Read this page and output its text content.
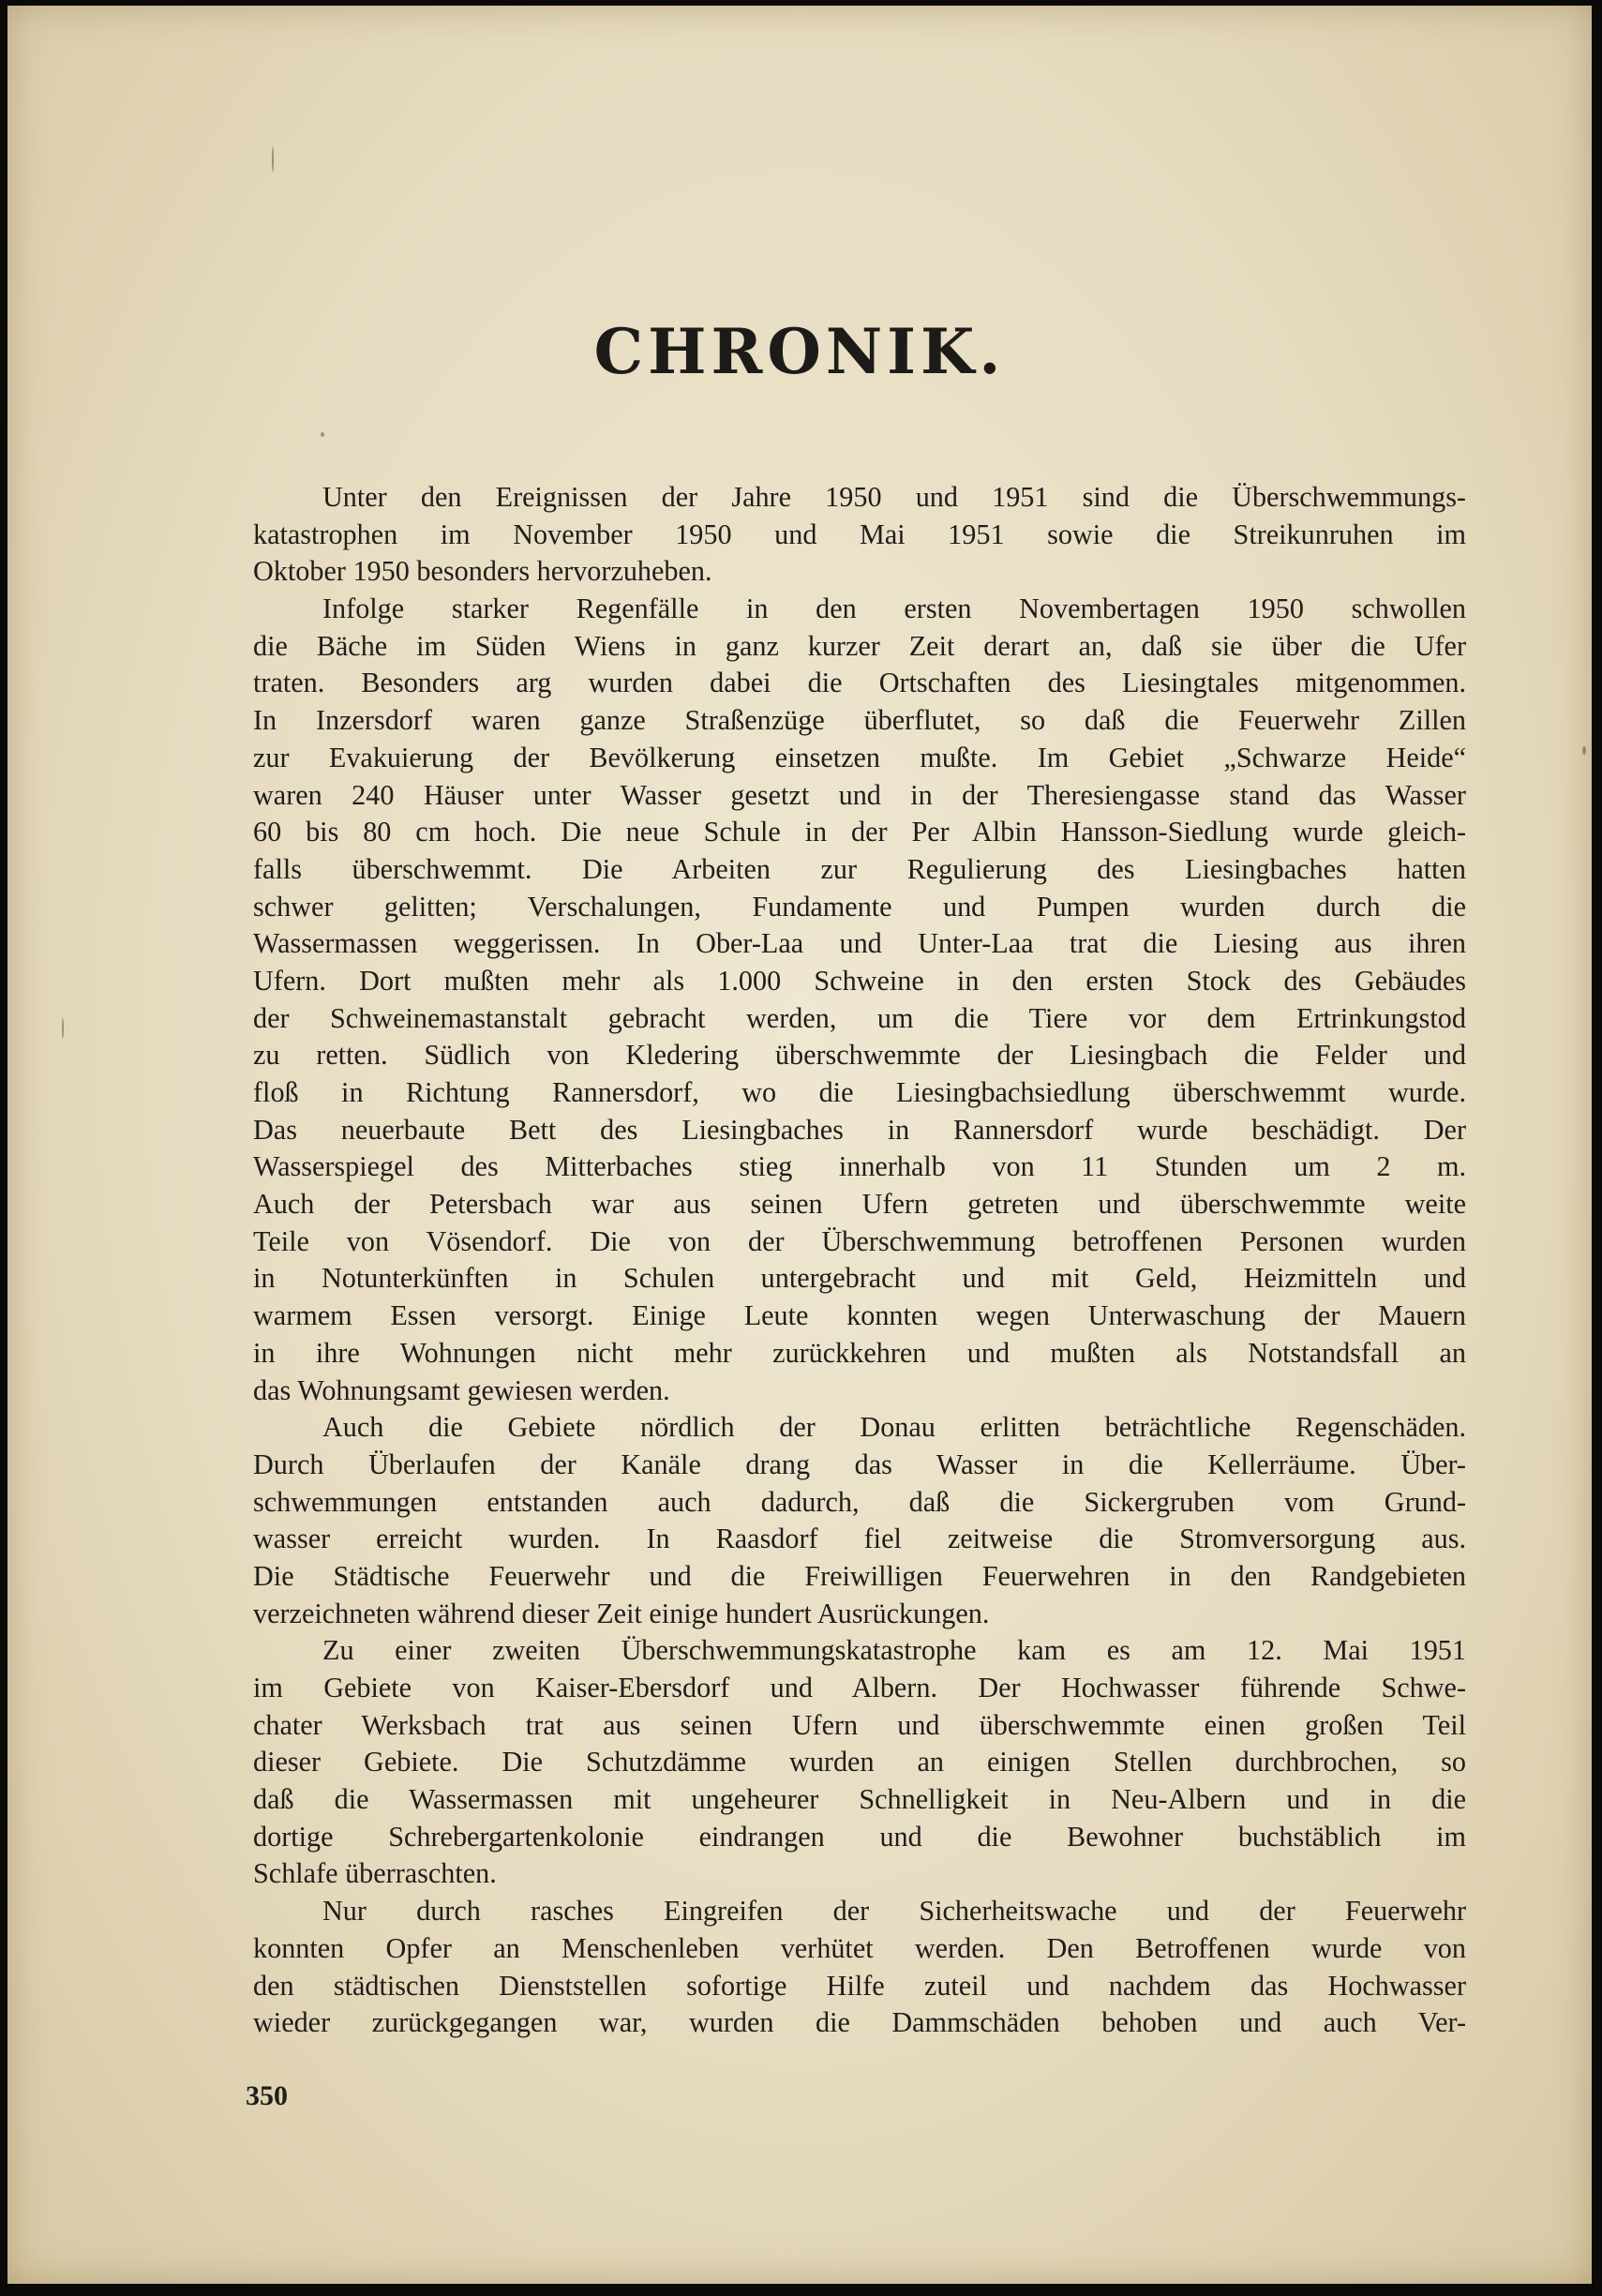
CHRONIK.
Unter den Ereignissen der Jahre 1950 und 1951 sind die Überschwemmungs-
katastrophen im November 1950 und Mai 1951 sowie die Streikunruhen im
Oktober 1950 besonders hervorzuheben.
Infolge starker Regenfälle in den ersten Novembertagen 1950 schwollen
die Bäche im Süden Wiens in ganz kurzer Zeit derart an, daß sie über die Ufer
traten. Besonders arg wurden dabei die Ortschaften des Liesingtales mitgenommen.
In Inzersdorf waren ganze Straßenzüge überflutet, so daß die Feuerwehr Zillen
zur Evakuierung der Bevölkerung einsetzen mußte. Im Gebiet „Schwarze Heide“
waren 240 Häuser unter Wasser gesetzt und in der Theresiengasse stand das Wasser
60 bis 80 cm hoch. Die neue Schule in der Per Albin Hansson-Siedlung wurde gleich-
falls überschwemmt. Die Arbeiten zur Regulierung des Liesingbaches hatten
schwer gelitten; Verschalungen, Fundamente und Pumpen wurden durch die
Wassermassen weggerissen. In Ober-Laa und Unter-Laa trat die Liesing aus ihren
Ufern. Dort mußten mehr als 1.000 Schweine in den ersten Stock des Gebäudes
der Schweinemastanstalt gebracht werden, um die Tiere vor dem Ertrinkungstod
zu retten. Südlich von Kledering überschwemmte der Liesingbach die Felder und
floß in Richtung Rannersdorf, wo die Liesingbachsiedlung überschwemmt wurde.
Das neuerbaute Bett des Liesingbaches in Rannersdorf wurde beschädigt. Der
Wasserspiegel des Mitterbaches stieg innerhalb von 11 Stunden um 2 m.
Auch der Petersbach war aus seinen Ufern getreten und überschwemmte weite
Teile von Vösendorf. Die von der Überschwemmung betroffenen Personen wurden
in Notunterkünften in Schulen untergebracht und mit Geld, Heizmitteln und
warmem Essen versorgt. Einige Leute konnten wegen Unterwaschung der Mauern
in ihre Wohnungen nicht mehr zurückkehren und mußten als Notstandsfall an
das Wohnungsamt gewiesen werden.
Auch die Gebiete nördlich der Donau erlitten beträchtliche Regenschäden.
Durch Überlaufen der Kanäle drang das Wasser in die Kellerräume. Über-
schwemmungen entstanden auch dadurch, daß die Sickergruben vom Grund-
wasser erreicht wurden. In Raasdorf fiel zeitweise die Stromversorgung aus.
Die Städtische Feuerwehr und die Freiwilligen Feuerwehren in den Randgebieten
verzeichneten während dieser Zeit einige hundert Ausrückungen.
Zu einer zweiten Überschwemmungskatastrophe kam es am 12. Mai 1951
im Gebiete von Kaiser-Ebersdorf und Albern. Der Hochwasser führende Schwe-
chater Werksbach trat aus seinen Ufern und überschwemmte einen großen Teil
dieser Gebiete. Die Schutzdämme wurden an einigen Stellen durchbrochen, so
daß die Wassermassen mit ungeheurer Schnelligkeit in Neu-Albern und in die
dortige Schrebergartenkolonie eindrangen und die Bewohner buchstäblich im
Schlafe überraschten.
Nur durch rasches Eingreifen der Sicherheitswache und der Feuerwehr
konnten Opfer an Menschenleben verhütet werden. Den Betroffenen wurde von
den städtischen Dienststellen sofortige Hilfe zuteil und nachdem das Hochwasser
wieder zurückgegangen war, wurden die Dammschäden behoben und auch Ver-
350
